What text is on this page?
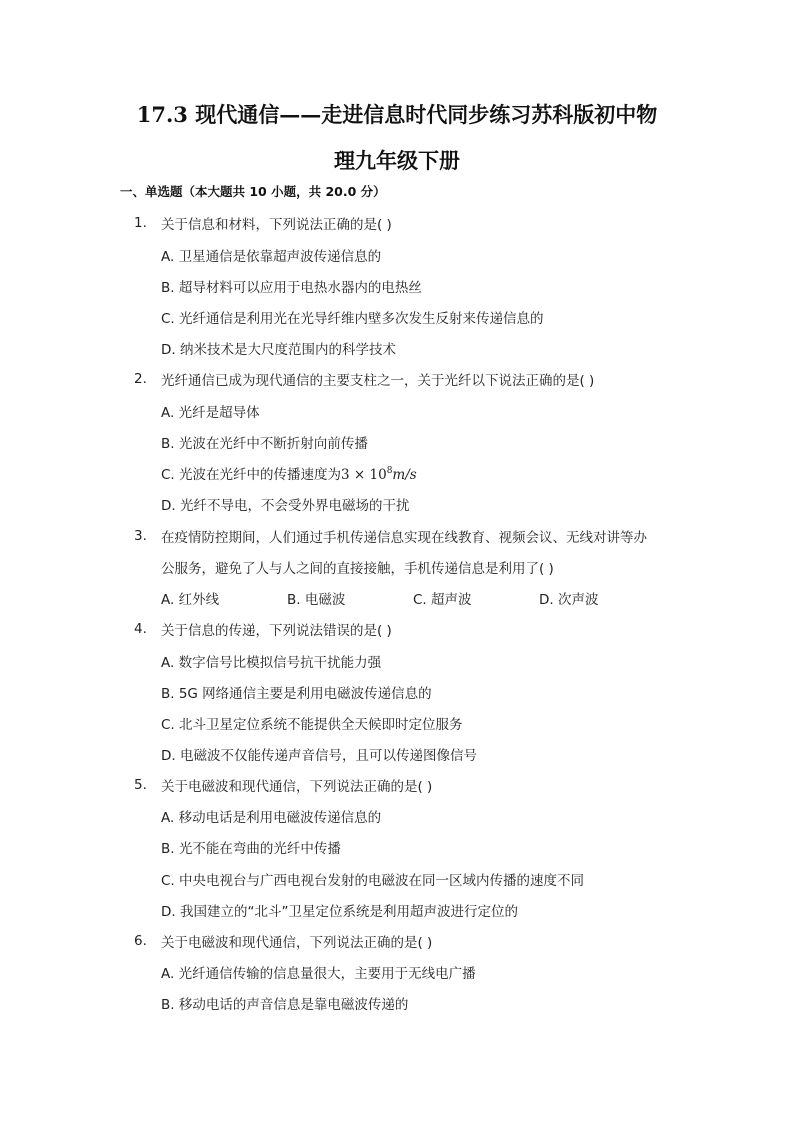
17.3 现代通信——走进信息时代同步练习苏科版初中物
理九年级下册
一、单选题（本大题共 10 小题，共 20.0 分）
1. 关于信息和材料，下列说法正确的是( )
A. 卫星通信是依靠超声波传递信息的
B. 超导材料可以应用于电热水器内的电热丝
C. 光纤通信是利用光在光导纤维内壁多次发生反射来传递信息的
D. 纳米技术是大尺度范围内的科学技术
2. 光纤通信已成为现代通信的主要支柱之一，关于光纤以下说法正确的是( )
A. 光纤是超导体
B. 光波在光纤中不断折射向前传播
C. 光波在光纤中的传播速度为$3 \times 10^8m/s$
D. 光纤不导电，不会受外界电磁场的干扰
3. 在疫情防控期间，人们通过手机传递信息实现在线教育、视频会议、无线对讲等办
公服务，避免了人与人之间的直接接触，手机传递信息是利用了( )
A. 红外线	B. 电磁波	C. 超声波	D. 次声波
4. 关于信息的传递，下列说法错误的是( )
A. 数字信号比模拟信号抗干扰能力强
B. 5G 网络通信主要是利用电磁波传递信息的
C. 北斗卫星定位系统不能提供全天候即时定位服务
D. 电磁波不仅能传递声音信号，且可以传递图像信号
5. 关于电磁波和现代通信，下列说法正确的是( )
A. 移动电话是利用电磁波传递信息的
B. 光不能在弯曲的光纤中传播
C. 中央电视台与广西电视台发射的电磁波在同一区域内传播的速度不同
D. 我国建立的“北斗”卫星定位系统是利用超声波进行定位的
6. 关于电磁波和现代通信，下列说法正确的是( )
A. 光纤通信传输的信息量很大，主要用于无线电广播
B. 移动电话的声音信息是靠电磁波传递的
